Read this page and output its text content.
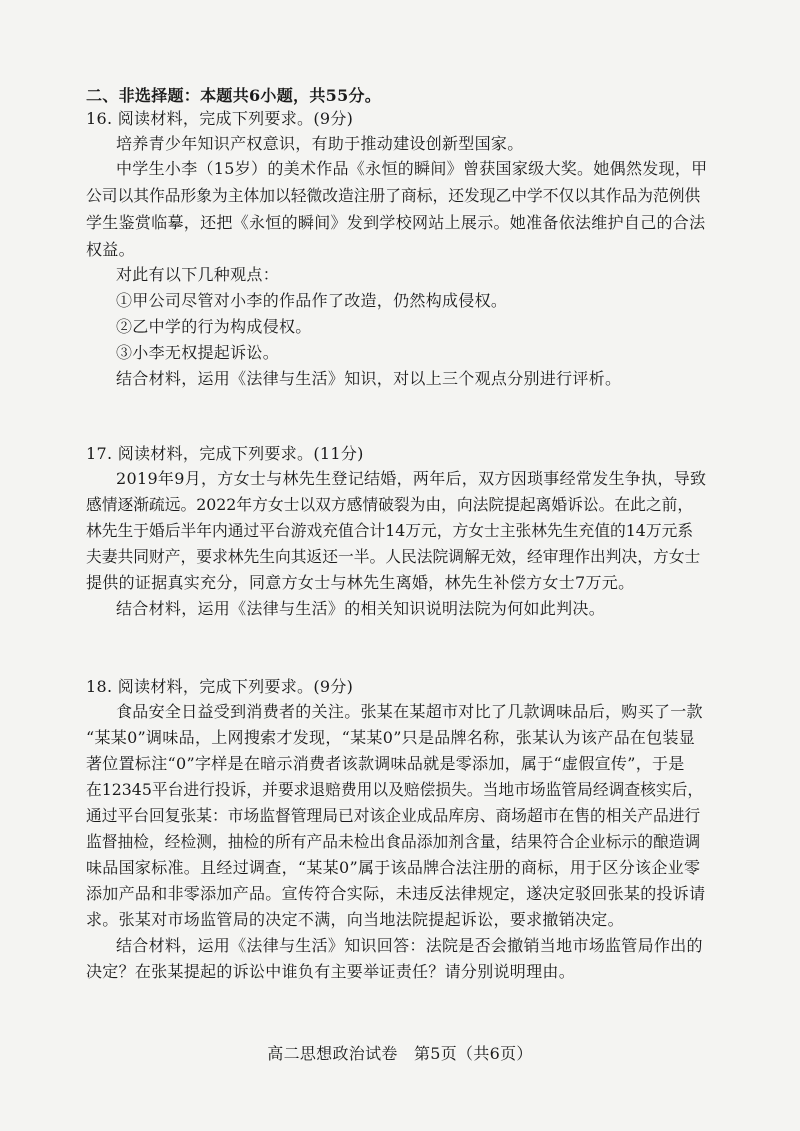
二、非选择题：本题共6小题，共55分。
16. 阅读材料，完成下列要求。(9分)
培养青少年知识产权意识，有助于推动建设创新型国家。
中学生小李（15岁）的美术作品《永恒的瞬间》曾获国家级大奖。她偶然发现，甲
公司以其作品形象为主体加以轻微改造注册了商标，还发现乙中学不仅以其作品为范例供
学生鉴赏临摹，还把《永恒的瞬间》发到学校网站上展示。她准备依法维护自己的合法
权益。
对此有以下几种观点：
①甲公司尽管对小李的作品作了改造，仍然构成侵权。
②乙中学的行为构成侵权。
③小李无权提起诉讼。
结合材料，运用《法律与生活》知识，对以上三个观点分别进行评析。
17. 阅读材料，完成下列要求。(11分)
2019年9月，方女士与林先生登记结婚，两年后，双方因琐事经常发生争执，导致
感情逐渐疏远。2022年方女士以双方感情破裂为由，向法院提起离婚诉讼。在此之前，
林先生于婚后半年内通过平台游戏充值合计14万元，方女士主张林先生充值的14万元系
夫妻共同财产，要求林先生向其返还一半。人民法院调解无效，经审理作出判决，方女士
提供的证据真实充分，同意方女士与林先生离婚，林先生补偿方女士7万元。
结合材料，运用《法律与生活》的相关知识说明法院为何如此判决。
18. 阅读材料，完成下列要求。(9分)
食品安全日益受到消费者的关注。张某在某超市对比了几款调味品后，购买了一款
“某某0”调味品，上网搜索才发现，“某某0”只是品牌名称，张某认为该产品在包装显
著位置标注“0”字样是在暗示消费者该款调味品就是零添加，属于“虚假宣传”，于是
在12345平台进行投诉，并要求退赔费用以及赔偿损失。当地市场监管局经调查核实后，
通过平台回复张某：市场监督管理局已对该企业成品库房、商场超市在售的相关产品进行
监督抽检，经检测，抽检的所有产品未检出食品添加剂含量，结果符合企业标示的酿造调
味品国家标准。且经过调查，“某某0”属于该品牌合法注册的商标，用于区分该企业零
添加产品和非零添加产品。宣传符合实际，未违反法律规定，遂决定驳回张某的投诉请
求。张某对市场监管局的决定不满，向当地法院提起诉讼，要求撤销决定。
结合材料，运用《法律与生活》知识回答：法院是否会撤销当地市场监管局作出的
决定？在张某提起的诉讼中谁负有主要举证责任？请分别说明理由。
高二思想政治试卷　第5页（共6页）
